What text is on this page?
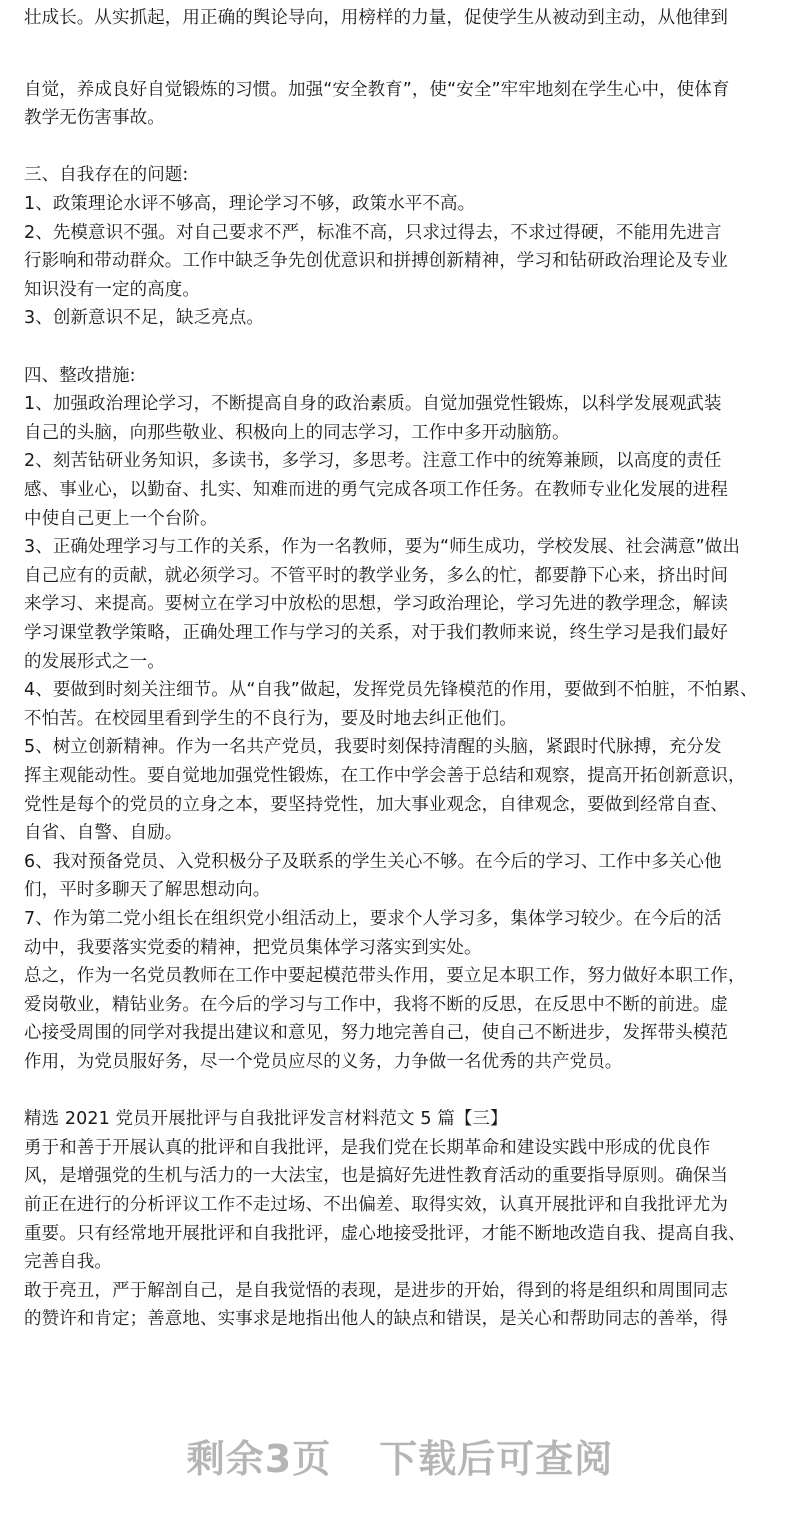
壮成长。从实抓起，用正确的舆论导向，用榜样的力量，促使学生从被动到主动，从他律到
自觉，养成良好自觉锻炼的习惯。加强“安全教育”，使“安全”牢牢地刻在学生心中，使体育
教学无伤害事故。
三、自我存在的问题:
1、政策理论水评不够高，理论学习不够，政策水平不高。
2、先模意识不强。对自己要求不严，标准不高，只求过得去，不求过得硬，不能用先进言
行影响和带动群众。工作中缺乏争先创优意识和拼搏创新精神，学习和钻研政治理论及专业
知识没有一定的高度。
3、创新意识不足，缺乏亮点。
四、整改措施:
1、加强政治理论学习，不断提高自身的政治素质。自觉加强党性锻炼，以科学发展观武装
自己的头脑，向那些敬业、积极向上的同志学习，工作中多开动脑筋。
2、刻苦钻研业务知识，多读书，多学习，多思考。注意工作中的统筹兼顾，以高度的责任
感、事业心，以勤奋、扎实、知难而进的勇气完成各项工作任务。在教师专业化发展的进程
中使自己更上一个台阶。
3、正确处理学习与工作的关系，作为一名教师，要为“师生成功，学校发展、社会满意”做出
自己应有的贡献，就必须学习。不管平时的教学业务，多么的忙，都要静下心来，挤出时间
来学习、来提高。要树立在学习中放松的思想，学习政治理论，学习先进的教学理念，解读
学习课堂教学策略，正确处理工作与学习的关系，对于我们教师来说，终生学习是我们最好
的发展形式之一。
4、要做到时刻关注细节。从“自我”做起，发挥党员先锋模范的作用，要做到不怕脏，不怕累、
不怕苦。在校园里看到学生的不良行为，要及时地去纠正他们。
5、树立创新精神。作为一名共产党员，我要时刻保持清醒的头脑，紧跟时代脉搏，充分发
挥主观能动性。要自觉地加强党性锻炼，在工作中学会善于总结和观察，提高开拓创新意识，
党性是每个的党员的立身之本，要坚持党性，加大事业观念，自律观念，要做到经常自查、
自省、自警、自励。
6、我对预备党员、入党积极分子及联系的学生关心不够。在今后的学习、工作中多关心他
们，平时多聊天了解思想动向。
7、作为第二党小组长在组织党小组活动上，要求个人学习多，集体学习较少。在今后的活
动中，我要落实党委的精神，把党员集体学习落实到实处。
总之，作为一名党员教师在工作中要起模范带头作用，要立足本职工作，努力做好本职工作，
爱岗敬业，精钻业务。在今后的学习与工作中，我将不断的反思，在反思中不断的前进。虚
心接受周围的同学对我提出建议和意见，努力地完善自己，使自己不断进步，发挥带头模范
作用，为党员服好务，尽一个党员应尽的义务，力争做一名优秀的共产党员。
精选 2021 党员开展批评与自我批评发言材料范文 5 篇【三】
勇于和善于开展认真的批评和自我批评，是我们党在长期革命和建设实践中形成的优良作
风，是增强党的生机与活力的一大法宝，也是搞好先进性教育活动的重要指导原则。确保当
前正在进行的分析评议工作不走过场、不出偏差、取得实效，认真开展批评和自我批评尤为
重要。只有经常地开展批评和自我批评，虚心地接受批评，才能不断地改造自我、提高自我、
完善自我。
敢于亮丑，严于解剖自己，是自我觉悟的表现，是进步的开始，得到的将是组织和周围同志
的赞许和肯定；善意地、实事求是地指出他人的缺点和错误，是关心和帮助同志的善举，得
剩余3页 下载后可查阅
